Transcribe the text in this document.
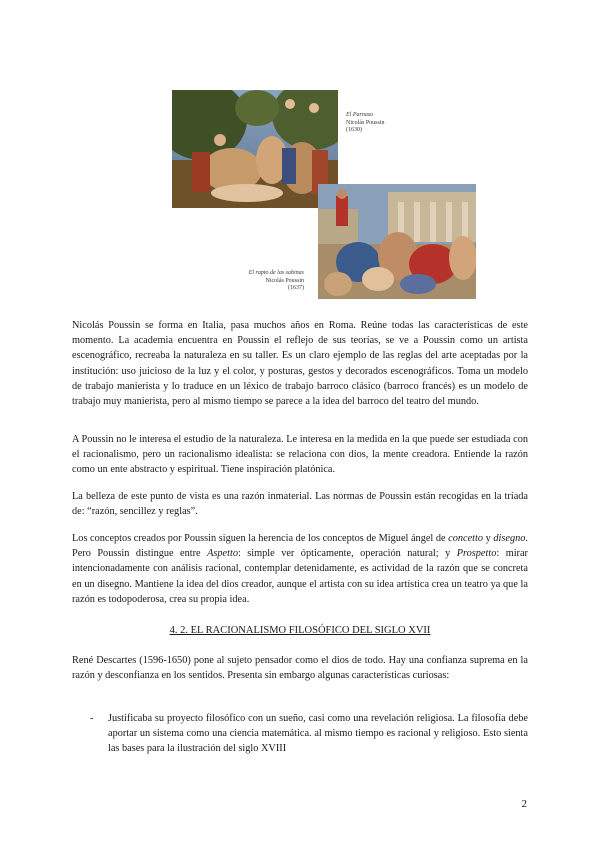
El Parnaso
Nicolás Poussin
(1630)
El rapto de las sabinas
Nicolás Poussin
(1637)

Nicolás Poussin se forma en Italia, pasa muchos años en Roma. Reúne todas las características de este momento. La academia encuentra en Poussin el reflejo de sus teorías, se ve a Poussin como un artista escenográfico, recreaba la naturaleza en su taller. Es un claro ejemplo de las reglas del arte aceptadas por la institución: uso juicioso de la luz y el color, y posturas, gestos y decorados escenográficos. Toma un modelo de trabajo manierista y lo traduce en un léxico de trabajo barroco clásico (barroco francés) es un modelo de trabajo muy manierista, pero al mismo tiempo se parece a la idea del barroco del teatro del mundo.

A Poussin no le interesa el estudio de la naturaleza. Le interesa en la medida en la que puede ser estudiada con el racionalismo, pero un racionalismo idealista: se relaciona con dios, la mente creadora. Entiende la razón como un ente abstracto y espiritual. Tiene inspiración platónica.

La belleza de este punto de vista es una razón inmaterial. Las normas de Poussin están recogidas en la tríada de: “razón, sencillez y reglas”.

Los conceptos creados por Poussin siguen la herencia de los conceptos de Miguel ángel de concetto y disegno. Pero Poussin distingue entre Aspetto: simple ver ópticamente, operación natural; y Prospetto: mirar intencionadamente con análisis racional, contemplar detenidamente, es actividad de la razón que se concreta en un disegno. Mantiene la idea del dios creador, aunque el artista con su idea artística crea un teatro ya que la razón es todopoderosa, crea su propia idea.

4. 2. EL RACIONALISMO FILOSÓFICO DEL SIGLO XVII

René Descartes (1596-1650) pone al sujeto pensador como el dios de todo. Hay una confianza suprema en la razón y desconfianza en los sentidos. Presenta sin embargo algunas características curiosas:

- Justificaba su proyecto filosófico con un sueño, casi como una revelación religiosa. La filosofía debe aportar un sistema como una ciencia matemática. al mismo tiempo es racional y religioso. Esto sienta las bases para la ilustración del siglo XVIII
2
